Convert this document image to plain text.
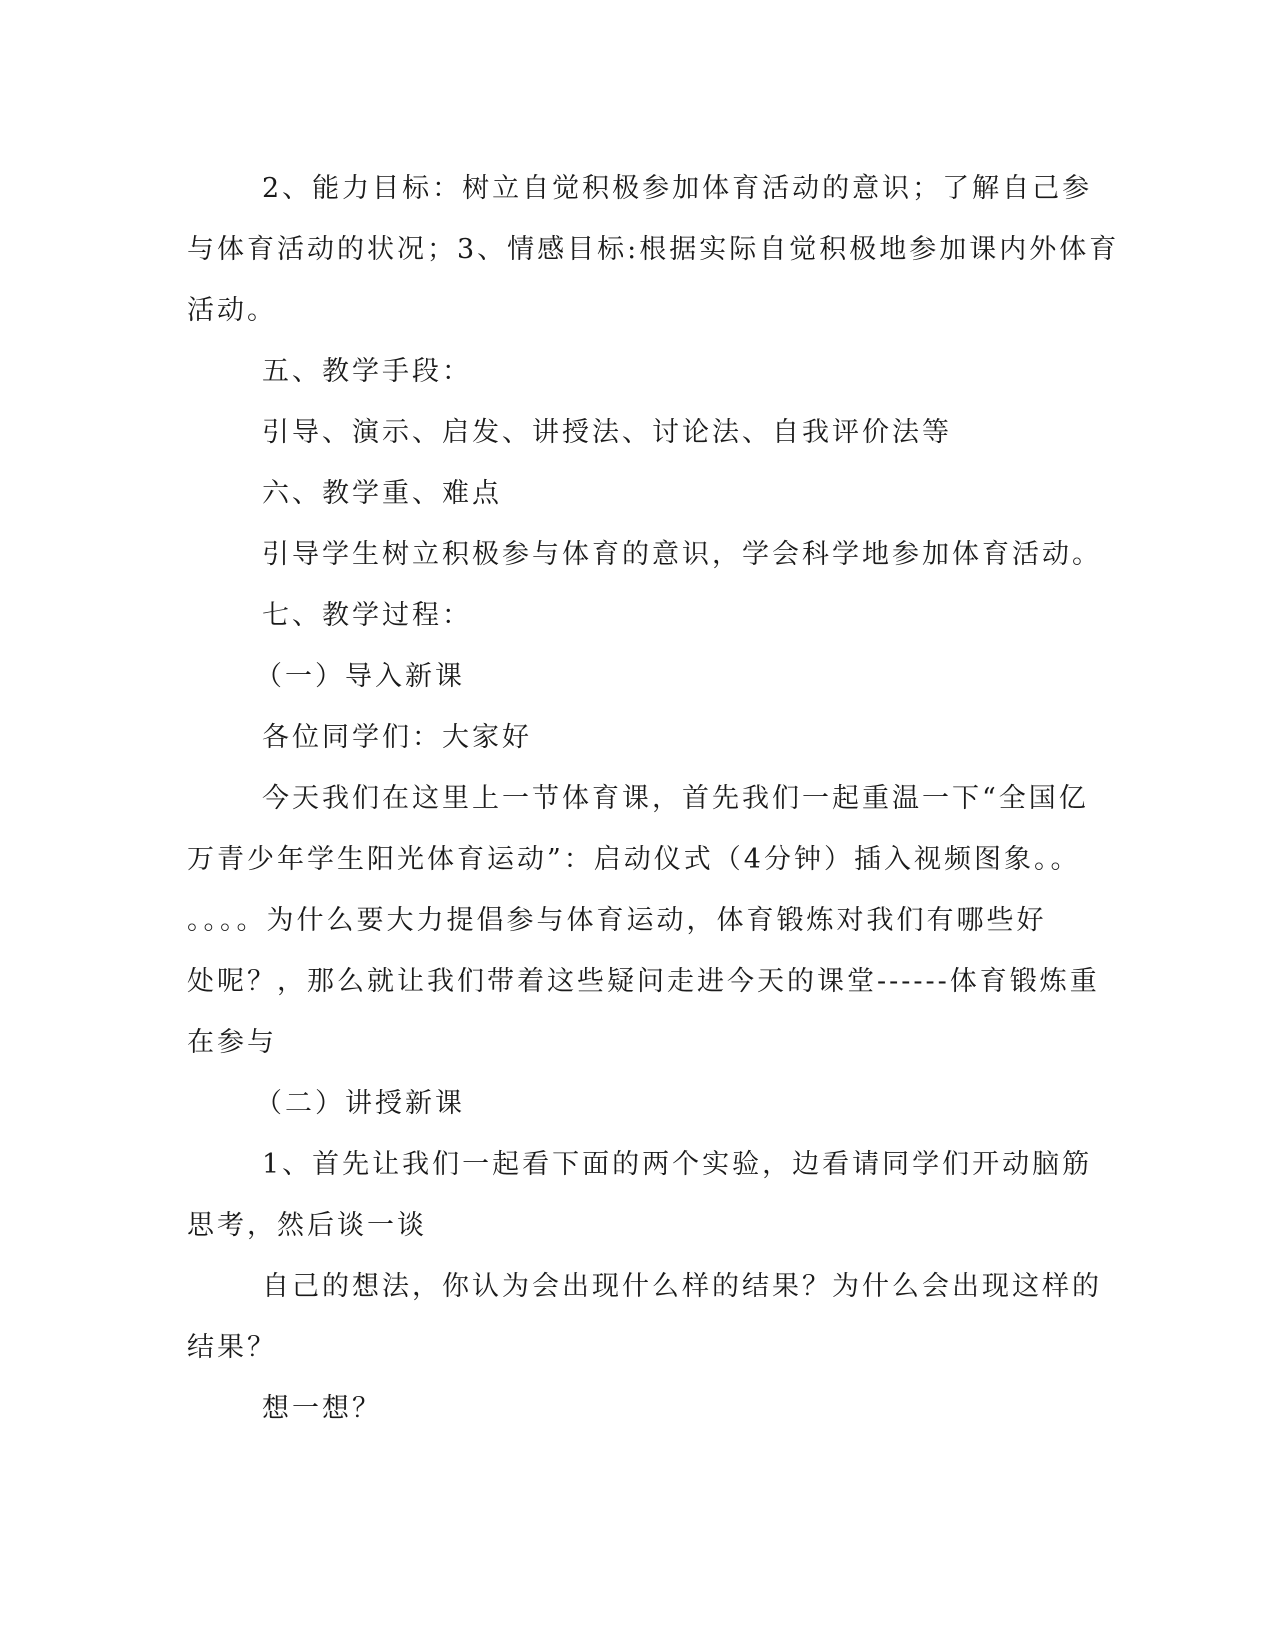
2、能力目标：树立自觉积极参加体育活动的意识；了解自己参

与体育活动的状况；3、情感目标:根据实际自觉积极地参加课内外体育

活动。

五、教学手段：

引导、演示、启发、讲授法、讨论法、自我评价法等

六、教学重、难点

引导学生树立积极参与体育的意识，学会科学地参加体育活动。

七、教学过程：

（一）导入新课

各位同学们：大家好

今天我们在这里上一节体育课，首先我们一起重温一下“全国亿

万青少年学生阳光体育运动”：启动仪式（4分钟）插入视频图象。。

。。。。为什么要大力提倡参与体育运动，体育锻炼对我们有哪些好

处呢？，那么就让我们带着这些疑问走进今天的课堂------体育锻炼重

在参与

（二）讲授新课

1、首先让我们一起看下面的两个实验，边看请同学们开动脑筋

思考，然后谈一谈

自己的想法，你认为会出现什么样的结果？为什么会出现这样的

结果？

想一想？
